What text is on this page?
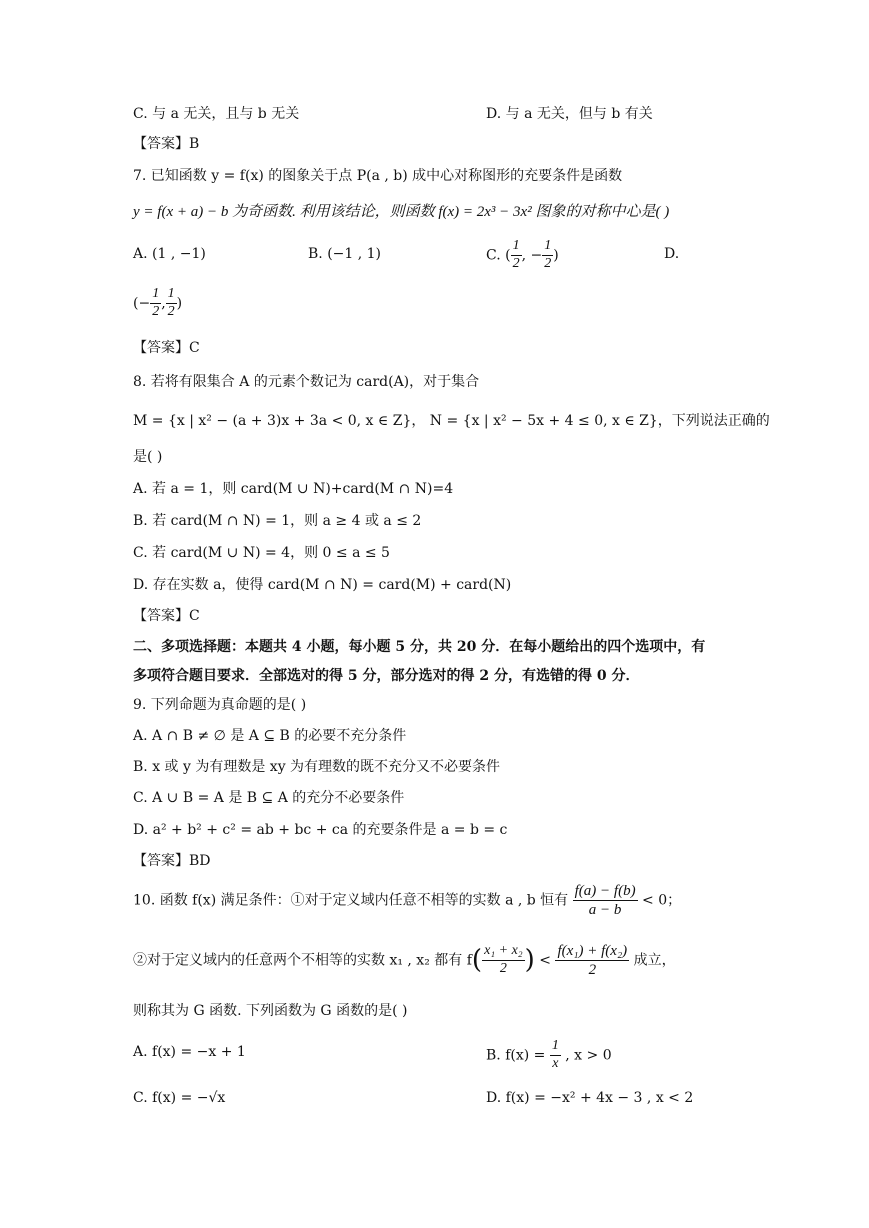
C. 与 a 无关，且与 b 无关	D. 与 a 无关，但与 b 有关
【答案】B
7. 已知函数 y = f(x) 的图象关于点 P(a , b) 成中心对称图形的充要条件是函数
y = f(x + a) − b 为奇函数. 利用该结论，则函数 f(x) = 2x³ − 3x² 图象的对称中心是( )
A. (1 , −1)	B. (−1 , 1)	C. ( $\frac{1}{2}$ , − $\frac{1}{2}$ )	D.
(− $\frac{1}{2}$ , $\frac{1}{2}$ )
【答案】C
8. 若将有限集合 A 的元素个数记为 card(A)，对于集合
M = {x | x² − (a + 3)x + 3a < 0, x ∈ Z}， N = {x | x² − 5x + 4 ≤ 0, x ∈ Z}，下列说法正确的
是( )
A. 若 a = 1，则 card(M ∪ N)+card(M ∩ N)=4
B. 若 card(M ∩ N) = 1，则 a ≥ 4 或 a ≤ 2
C. 若 card(M ∪ N) = 4，则 0 ≤ a ≤ 5
D. 存在实数 a，使得 card(M ∩ N) = card(M) + card(N)
【答案】C
二、多项选择题：本题共 4 小题，每小题 5 分，共 20 分．在每小题给出的四个选项中，有
多项符合题目要求．全部选对的得 5 分，部分选对的得 2 分，有选错的得 0 分．
9. 下列命题为真命题的是( )
A. A ∩ B ≠ ∅ 是 A ⊆ B 的必要不充分条件
B. x 或 y 为有理数是 xy 为有理数的既不充分又不必要条件
C. A ∪ B = A 是 B ⊆ A 的充分不必要条件
D. a² + b² + c² = ab + bc + ca 的充要条件是 a = b = c
【答案】BD
10. 函数 f(x) 满足条件：①对于定义域内任意不相等的实数 a , b 恒有 $\frac{f(a) - f(b)}{a - b} < 0$；
②对于定义域内的任意两个不相等的实数 x₁ , x₂ 都有 $f( \frac{\text{x₁ + x₂}}{2}$ ) < $\frac{\text{f(x₁) + f(x₂)}}{2}$ 成立，
则称其为 G 函数. 下列函数为 G 函数的是( )
A. f(x) = −x + 1	B. $f(x) = \frac{1}{x}$ , x > 0
C. f(x) = −√x	D. f(x) = −x² + 4x − 3 , x < 2
